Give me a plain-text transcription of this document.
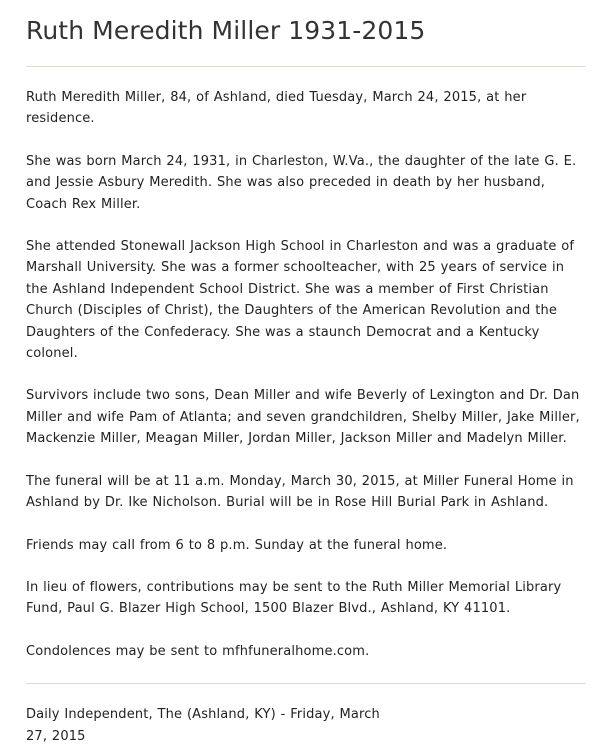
Ruth Meredith Miller 1931-2015

Ruth Meredith Miller, 84, of Ashland, died Tuesday, March 24, 2015, at her residence.

She was born March 24, 1931, in Charleston, W.Va., the daughter of the late G. E. and Jessie Asbury Meredith. She was also preceded in death by her husband, Coach Rex Miller.

She attended Stonewall Jackson High School in Charleston and was a graduate of Marshall University. She was a former schoolteacher, with 25 years of service in the Ashland Independent School District. She was a member of First Christian Church (Disciples of Christ), the Daughters of the American Revolution and the Daughters of the Confederacy. She was a staunch Democrat and a Kentucky colonel.

Survivors include two sons, Dean Miller and wife Beverly of Lexington and Dr. Dan Miller and wife Pam of Atlanta; and seven grandchildren, Shelby Miller, Jake Miller, Mackenzie Miller, Meagan Miller, Jordan Miller, Jackson Miller and Madelyn Miller.

The funeral will be at 11 a.m. Monday, March 30, 2015, at Miller Funeral Home in Ashland by Dr. Ike Nicholson. Burial will be in Rose Hill Burial Park in Ashland.

Friends may call from 6 to 8 p.m. Sunday at the funeral home.

In lieu of flowers, contributions may be sent to the Ruth Miller Memorial Library Fund, Paul G. Blazer High School, 1500 Blazer Blvd., Ashland, KY 41101.

Condolences may be sent to mfhfuneralhome.com.

Daily Independent, The (Ashland, KY) - Friday, March 27, 2015
